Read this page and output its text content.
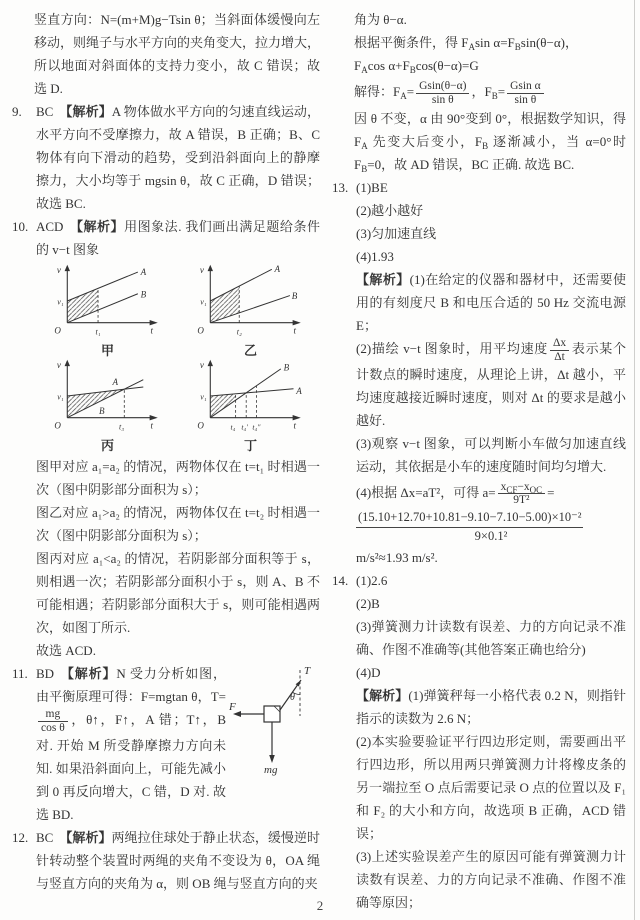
竖直方向：N=(m+M)g−Tsin θ；当斜面体缓慢向左移动，则绳子与水平方向的夹角变大，拉力增大，所以地面对斜面体的支持力变小，故 C 错误；故选 D.

9. BC 【解析】A 物体做水平方向的匀速直线运动，水平方向不受摩擦力，故 A 错误，B 正确；B、C 物体有向下滑动的趋势，受到沿斜面向上的静摩擦力，大小均等于 mgsin θ，故 C 正确，D 错误；故选 BC.

10. ACD 【解析】用图象法. 我们画出满足题给条件的 v−t 图象

v
O	t
v₁
t₁
A
B
甲
v
O	t
v₁
t₂
A
B
乙
v
O	t
v₁
t₃
A
B
丙
v
O	t
v₁
t₄ t₄′ t₄″
B
A
丁

图甲对应 a₁=a₂ 的情况，两物体仅在 t=t₁ 时相遇一次（图中阴影部分面积为 s）；

图乙对应 a₁>a₂ 的情况，两物体仅在 t=t₂ 时相遇一次（图中阴影部分面积为 s）；

图丙对应 a₁<a₂ 的情况，若阴影部分面积等于 s，则相遇一次；若阴影部分面积小于 s，则 A、B 不可能相遇；若阴影部分面积大于 s，则可能相遇两次，如图丁所示.

故选 ACD.

11.	T
θ
F
mg

BD 【解析】N 受力分析如图，由平衡原理可得：F=mgtan θ，T=
$\frac{mg}{\text{cos θ}}$ ，θ↑，F↑，A 错；T↑，B 对. 开始 M 所受静摩擦力方向未知. 如果沿斜面向上，可能先减小到 0 再反向增大，C 错，D 对. 故选 BD.

12. BC 【解析】两绳拉住球处于静止状态，缓慢逆时针转动整个装置时两绳的夹角不变设为 θ，OA 绳与竖直方向的夹角为 α，则 OB 绳与竖直方向的夹

角为 θ−α.

根据平衡条件，得 $F_A\sin$ $\alpha=F_B\sin(\theta-\alpha)$，

$F_A\cos$ $\alpha+F_B\cos(\theta-\alpha)=G$

解得：$F_A= \frac{Gsin(\theta-\alpha)}{\text{sin θ}}$ ，$F_B= \frac{\text{Gsin α}}{\text{sin θ}}$

因 θ 不变，α 由 90°变到 0°，根据数学知识，得 $F_A$ 先变大后变小，$F_B$ 逐渐减小，当 α=0°时 $F_B=0$，故 AD 错误，BC 正确. 故选 BC.

13. (1)BE

(2)越小越好

(3)匀加速直线

(4)1.93

【解析】(1)在给定的仪器和器材中，还需要使用的有刻度尺 B 和电压合适的 50 Hz 交流电源 E；

(2)描绘 v−t 图象时，用平均速度 $\frac{\Delta x}{\Delta t}$ 表示某个计数点的瞬时速度，从理论上讲，Δt 越小，平均速度越接近瞬时速度，则对 Δt 的要求是越小越好.

(3)观察 v−t 图象，可以判断小车做匀加速直线运动，其依据是小车的速度随时间均匀增大.

(4)根据 Δx=aT²，可得 $a= \frac{x_{CF}-x_{OC}}{\text{9T²}}$ =

(15.10+12.70+10.81−9.10−7.10−5.00)×10⁻²
9×0.1²

m/s²≈1.93 m/s².

14. (1)2.6

(2)B

(3)弹簧测力计读数有误差、力的方向记录不准确、作图不准确等(其他答案正确也给分)

(4)D

【解析】(1)弹簧秤每一小格代表 0.2 N，则指针指示的读数为 2.6 N；

(2)本实验要验证平行四边形定则，需要画出平行四边形，所以用两只弹簧测力计将橡皮条的另一端拉至 O 点后需要记录 O 点的位置以及 F₁ 和 F₂ 的大小和方向，故选项 B 正确，ACD 错误；

(3)上述实验误差产生的原因可能有弹簧测力计读数有误差、力的方向记录不准确、作图不准确等原因；

2
